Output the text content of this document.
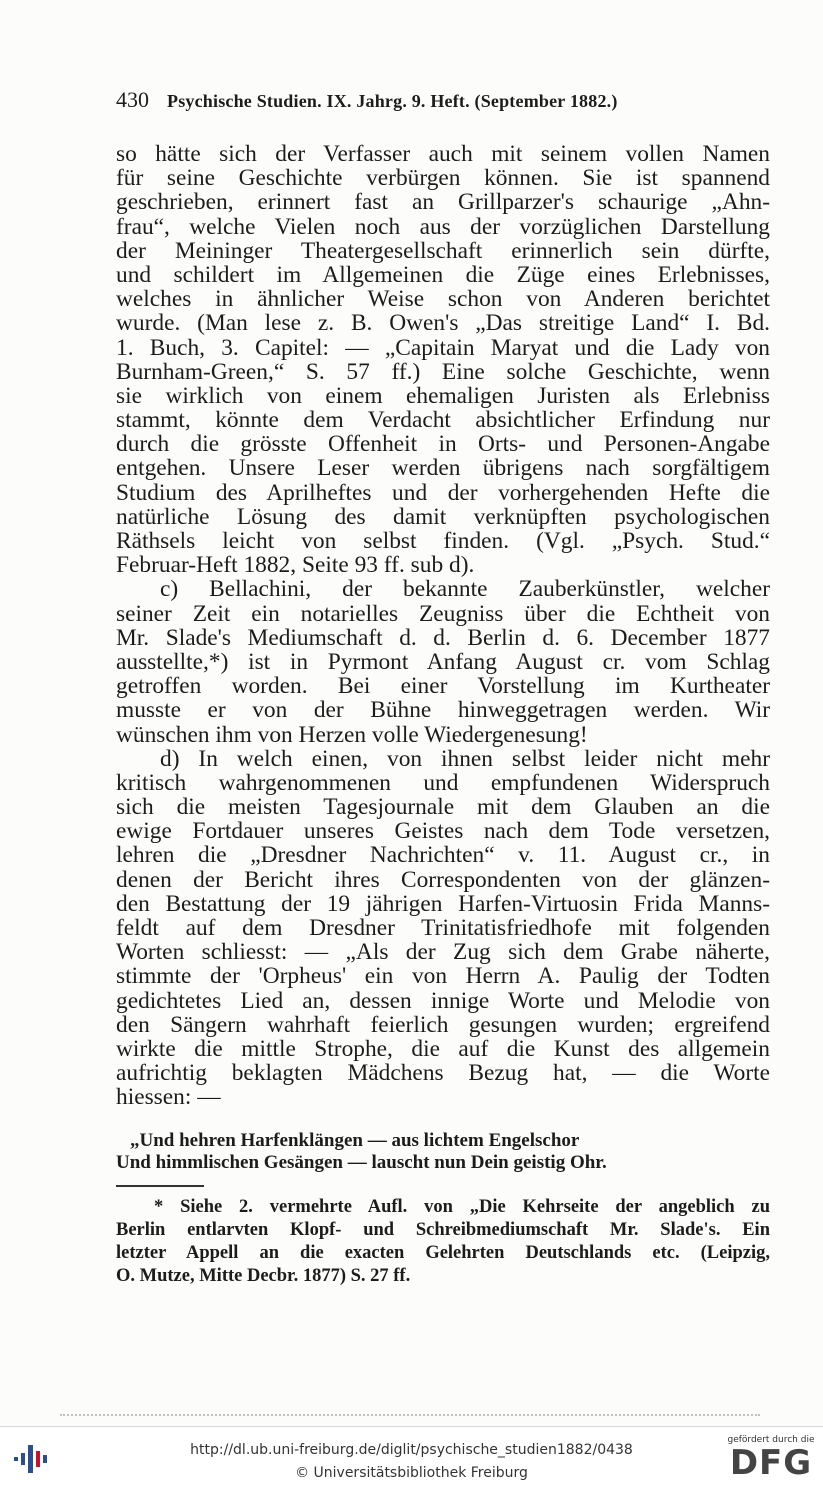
430 Psychische Studien. IX. Jahrg. 9. Heft. (September 1882.)
so hätte sich der Verfasser auch mit seinem vollen Namen
für seine Geschichte verbürgen können. Sie ist spannend
geschrieben, erinnert fast an Grillparzer's schaurige „Ahn-
frau“, welche Vielen noch aus der vorzüglichen Darstellung
der Meininger Theatergesellschaft erinnerlich sein dürfte,
und schildert im Allgemeinen die Züge eines Erlebnisses,
welches in ähnlicher Weise schon von Anderen berichtet
wurde. (Man lese z. B. Owen's „Das streitige Land“ I. Bd.
1. Buch, 3. Capitel: — „Capitain Maryat und die Lady von
Burnham-Green,“ S. 57 ff.) Eine solche Geschichte, wenn
sie wirklich von einem ehemaligen Juristen als Erlebniss
stammt, könnte dem Verdacht absichtlicher Erfindung nur
durch die grösste Offenheit in Orts- und Personen-Angabe
entgehen. Unsere Leser werden übrigens nach sorgfältigem
Studium des Aprilheftes und der vorhergehenden Hefte die
natürliche Lösung des damit verknüpften psychologischen
Räthsels leicht von selbst finden. (Vgl. „Psych. Stud.“
Februar-Heft 1882, Seite 93 ff. sub d).
c) Bellachini, der bekannte Zauberkünstler, welcher
seiner Zeit ein notarielles Zeugniss über die Echtheit von
Mr. Slade's Mediumschaft d. d. Berlin d. 6. December 1877
ausstellte,*) ist in Pyrmont Anfang August cr. vom Schlag
getroffen worden. Bei einer Vorstellung im Kurtheater
musste er von der Bühne hinweggetragen werden. Wir
wünschen ihm von Herzen volle Wiedergenesung!
d) In welch einen, von ihnen selbst leider nicht mehr
kritisch wahrgenommenen und empfundenen Widerspruch
sich die meisten Tagesjournale mit dem Glauben an die
ewige Fortdauer unseres Geistes nach dem Tode versetzen,
lehren die „Dresdner Nachrichten“ v. 11. August cr., in
denen der Bericht ihres Correspondenten von der glänzen-
den Bestattung der 19 jährigen Harfen-Virtuosin Frida Manns-
feldt auf dem Dresdner Trinitatisfriedhofe mit folgenden
Worten schliesst: — „Als der Zug sich dem Grabe näherte,
stimmte der 'Orpheus' ein von Herrn A. Paulig der Todten
gedichtetes Lied an, dessen innige Worte und Melodie von
den Sängern wahrhaft feierlich gesungen wurden; ergreifend
wirkte die mittle Strophe, die auf die Kunst des allgemein
aufrichtig beklagten Mädchens Bezug hat, — die Worte
hiessen: —
„Und hehren Harfenklängen — aus lichtem Engelschor
Und himmlischen Gesängen — lauscht nun Dein geistig Ohr.
* Siehe 2. vermehrte Aufl. von „Die Kehrseite der angeblich zu
Berlin entlarvten Klopf- und Schreibmediumschaft Mr. Slade's. Ein
letzter Appell an die exacten Gelehrten Deutschlands etc. (Leipzig,
O. Mutze, Mitte Decbr. 1877) S. 27 ff.
http://dl.ub.uni-freiburg.de/diglit/psychische_studien1882/0438
© Universitätsbibliothek Freiburg
gefördert durch die
DFG
